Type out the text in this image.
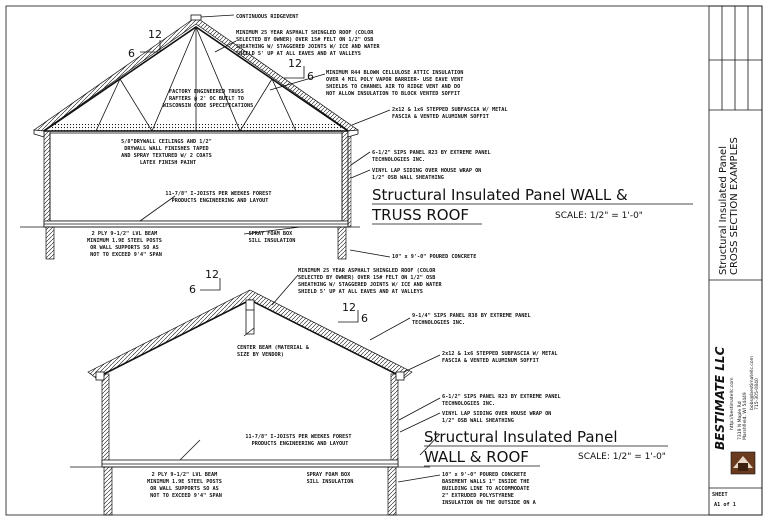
12
6
12
6
CONTINUOUS RIDGEVENT
MINIMUM 25 YEAR ASPHALT SHINGLED ROOF (COLOR SELECTED BY OWNER) OVER 15# FELT ON 1/2" OSB SHEATHING W/ STAGGERED JOINTS W/ ICE AND WATER SHIELD 5' UP AT ALL EAVES AND AT VALLEYS
FACTORY ENGINEERED TRUSS RAFTERS @ 2' OC BUILT TO WISCONSIN CODE SPECIFICATIONS
MINIMUM R44 BLOWN CELLULOSE ATTIC INSULATION OVER 4 MIL POLY VAPOR BARRIER- USE EAVE VENT SHIELDS TO CHANNEL AIR TO RIDGE VENT AND DO NOT ALLOW INSULATION TO BLOCK VENTED SOFFIT
2x12 & 1x6 STEPPED SUBFASCIA W/ METAL FASCIA & VENTED ALUMINUM SOFFIT
5/8"DRYWALL CEILINGS AND 1/2" DRYWALL WALL FINISHES TAPED AND SPRAY TEXTURED W/ 2 COATS LATEX FINISH PAINT
6-1/2" SIPS PANEL R23 BY EXTREME PANEL TECHNOLOGIES INC.
VINYL LAP SIDING OVER HOUSE WRAP ON 1/2" OSB WALL SHEATHING
11-7/8" I-JOISTS PER WEEKES FOREST PRODUCTS ENGINEERING AND LAYOUT	Structural Insulated Panel WALL & TRUSS ROOF	SCALE: 1/2" = 1'-0"
2 PLY 9-1/2" LVL BEAM MINIMUM 1.9E STEEL POSTS OR WALL SUPPORTS SO AS NOT TO EXCEED 9'4" SPAN
SPRAY FOAM BOX SILL INSULATION
10" x 9'-0" POURED CONCRETE
12
6
12
6
MINIMUM 25 YEAR ASPHALT SHINGLED ROOF (COLOR SELECTED BY OWNER) OVER 15# FELT ON 1/2" OSB SHEATHING W/ STAGGERED JOINTS W/ ICE AND WATER SHIELD 5' UP AT ALL EAVES AND AT VALLEYS
9-1/4" SIPS PANEL R38 BY EXTREME PANEL TECHNOLOGIES INC.
CENTER BEAM (MATERIAL & SIZE BY VENDOR)	2x12 & 1x6 STEPPED SUBFASCIA W/ METAL FASCIA & VENTED ALUMINUM SOFFIT
6-1/2" SIPS PANEL R23 BY EXTREME PANEL TECHNOLOGIES INC.
VINYL LAP SIDING OVER HOUSE WRAP ON 1/2" OSB WALL SHEATHING
11-7/8" I-JOISTS PER WEEKES FOREST PRODUCTS ENGINEERING AND LAYOUT	Structural Insulated Panel WALL & ROOF	SCALE: 1/2" = 1'-0"
2 PLY 9-1/2" LVL BEAM MINIMUM 1.9E STEEL POSTS OR WALL SUPPORTS SO AS NOT TO EXCEED 9'4" SPAN
SPRAY FOAM BOX SILL INSULATION
10" x 9'-0" POURED CONCRETE BASEMENT WALLS 1" INSIDE THE BUILDING LINE TO ACCOMMODATE 2" EXTRUDED POLYSTYRENE INSULATION ON THE OUTSIDE ON A
Structural Insulated Panel CROSS SECTION EXAMPLES
BESTIMATE LLC http://bestimatellc.com 7319 N Maple Rd Marshfield, WI 54449
bobs@bestimatellc.com 715-305-0840
SHEET
A1 of 1
